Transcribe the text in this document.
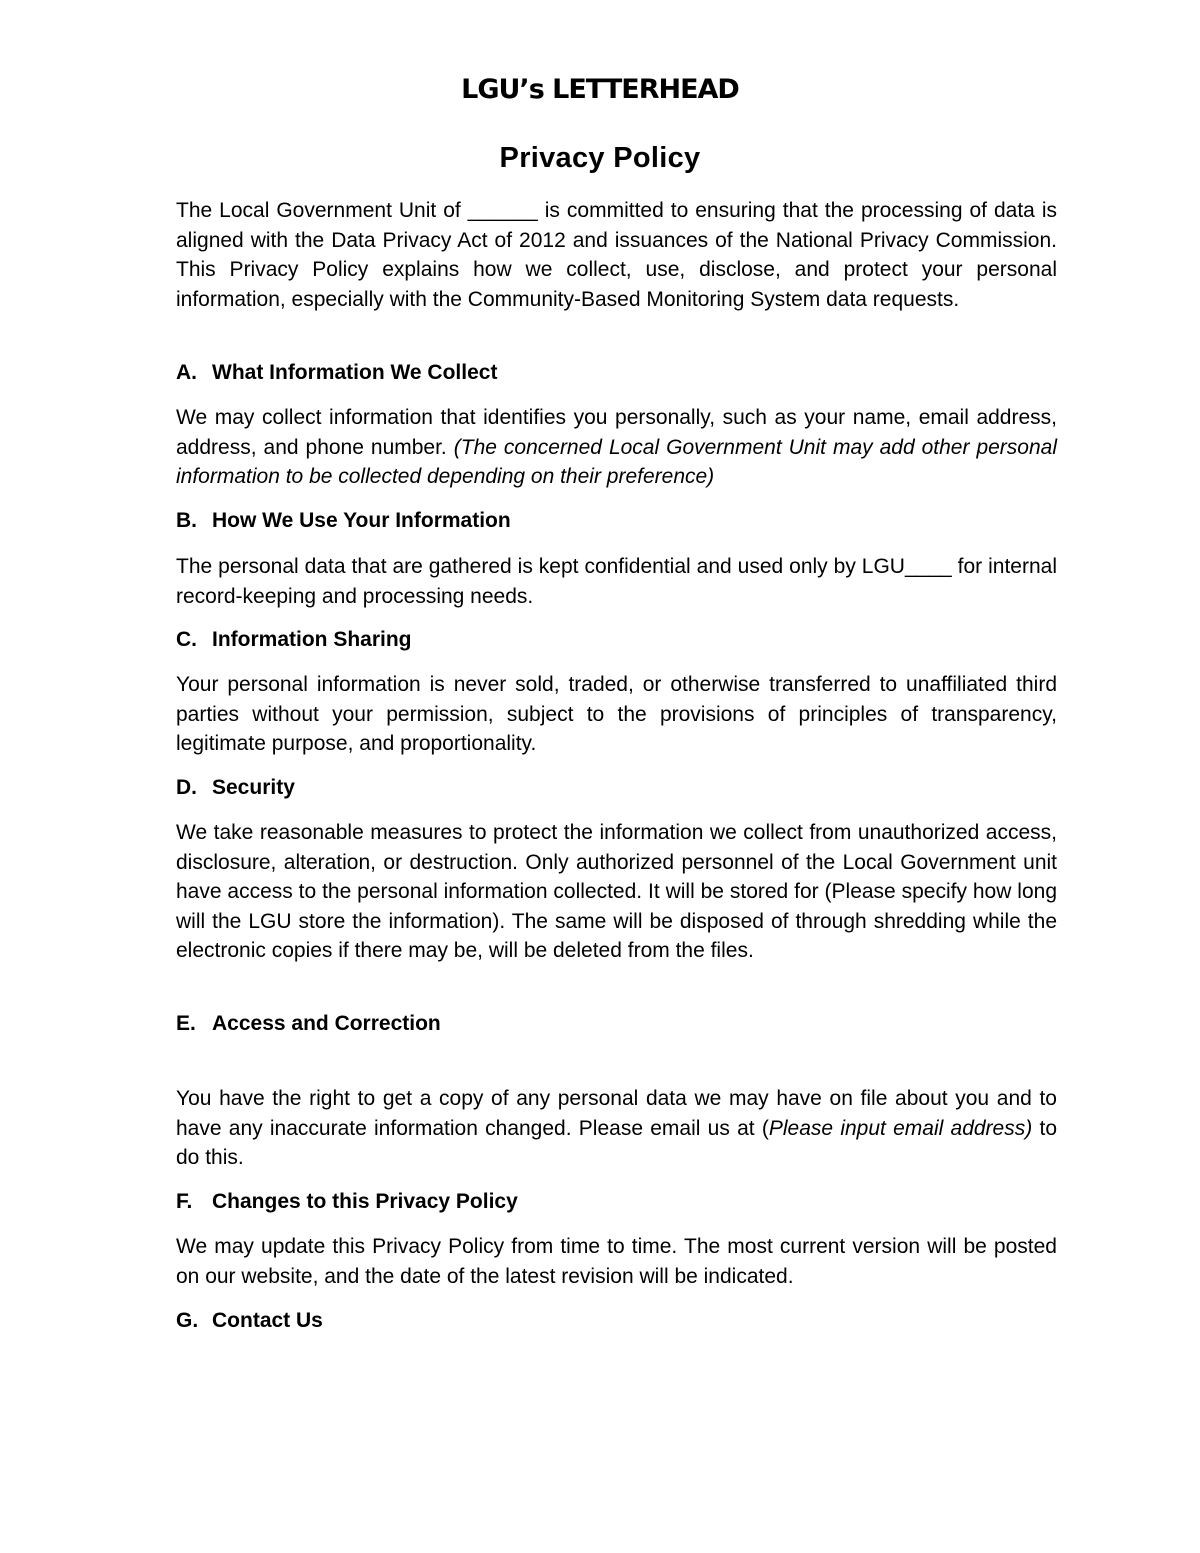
LGU’s LETTERHEAD
Privacy Policy

The Local Government Unit of ______ is committed to ensuring that the processing of data is aligned with the Data Privacy Act of 2012 and issuances of the National Privacy Commission. This Privacy Policy explains how we collect, use, disclose, and protect your personal information, especially with the Community-Based Monitoring System data requests.

A. What Information We Collect

We may collect information that identifies you personally, such as your name, email address, address, and phone number. (The concerned Local Government Unit may add other personal information to be collected depending on their preference)

B. How We Use Your Information

The personal data that are gathered is kept confidential and used only by LGU____ for internal record-keeping and processing needs.

C. Information Sharing

Your personal information is never sold, traded, or otherwise transferred to unaffiliated third parties without your permission, subject to the provisions of principles of transparency, legitimate purpose, and proportionality.

D. Security

We take reasonable measures to protect the information we collect from unauthorized access, disclosure, alteration, or destruction. Only authorized personnel of the Local Government unit have access to the personal information collected. It will be stored for (Please specify how long will the LGU store the information). The same will be disposed of through shredding while the electronic copies if there may be, will be deleted from the files.

E. Access and Correction

You have the right to get a copy of any personal data we may have on file about you and to have any inaccurate information changed. Please email us at (Please input email address) to do this.

F. Changes to this Privacy Policy

We may update this Privacy Policy from time to time. The most current version will be posted on our website, and the date of the latest revision will be indicated.

G. Contact Us
